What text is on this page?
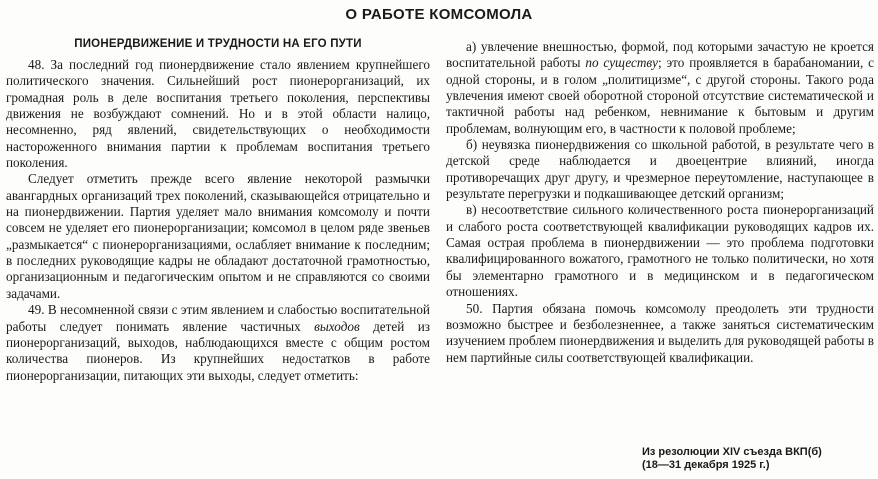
О РАБОТЕ КОМСОМОЛА
ПИОНЕРДВИЖЕНИЕ И ТРУДНОСТИ НА ЕГО ПУТИ

48. За последний год пионердвижение стало явлением крупнейшего политического значения. Сильнейший рост пионерорганизаций, их громадная роль в деле воспитания третьего поколения, перспективы движения не возбуждают сомнений. Но и в этой области налицо, несомненно, ряд явлений, свидетельствующих о необходимости настороженного внимания партии к проблемам воспитания третьего поколения.

Следует отметить прежде всего явление некоторой размычки авангардных организаций трех поколений, сказывающейся отрицательно и на пионердвижении. Партия уделяет мало внимания комсомолу и почти совсем не уделяет его пионерорганизации; комсомол в целом ряде звеньев „размыкается“ с пионерорганизациями, ослабляет внимание к последним; в последних руководящие кадры не обладают достаточной грамотностью, организационным и педагогическим опытом и не справляются со своими задачами.

49. В несомненной связи с этим явлением и слабостью воспитательной работы следует понимать явление частичных выходов детей из пионерорганизаций, выходов, наблюдающихся вместе с общим ростом количества пионеров. Из крупнейших недостатков в работе пионерорганизации, питающих эти выходы, следует отметить:

а) увлечение внешностью, формой, под которыми зачастую не кроется воспитательной работы по существу; это проявляется в барабаномании, с одной стороны, и в голом „политицизме“, с другой стороны. Такого рода увлечения имеют своей оборотной стороной отсутствие систематической и тактичной работы над ребенком, невнимание к бытовым и другим проблемам, волнующим его, в частности к половой проблеме;

б) неувязка пионердвижения со школьной работой, в результате чего в детской среде наблюдается и двоецентрие влияний, иногда противоречащих друг другу, и чрезмерное переутомление, наступающее в результате перегрузки и подкашивающее детский организм;

в) несоответствие сильного количественного роста пионерорганизаций и слабого роста соответствующей квалификации руководящих кадров их. Самая острая проблема в пионердвижении — это проблема подготовки квалифицированного вожатого, грамотного не только политически, но хотя бы элементарно грамотного и в медицинском и в педагогическом отношениях.

50. Партия обязана помочь комсомолу преодолеть эти трудности возможно быстрее и безболезненнее, а также заняться систематическим изучением проблем пионердвижения и выделить для руководящей работы в нем партийные силы соответствующей квалификации.

Из резолюции XIV съезда ВКП(б)
(18—31 декабря 1925 г.)
